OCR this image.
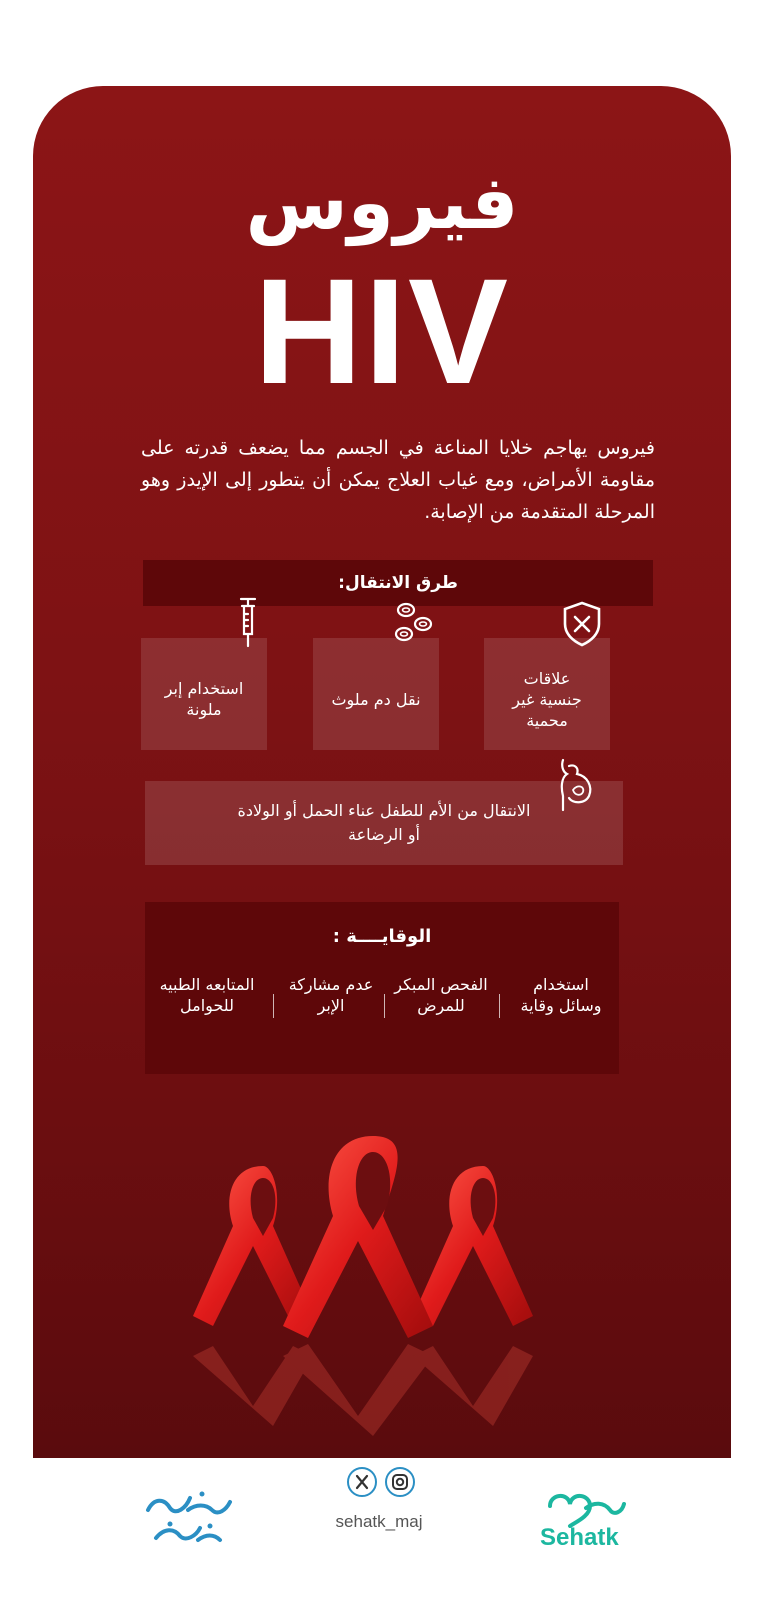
فيروس
HIV
فيروس يهاجم خلايا المناعة في الجسم مما يضعف قدرته على مقاومة الأمراض، ومع غياب العلاج يمكن أن يتطور إلى الإيدز وهو المرحلة المتقدمة من الإصابة.
طرق الانتقال:
علاقات جنسية غير محمية
نقل دم ملوث
استخدام إبر ملونة
الانتقال من الأم للطفل عناء الحمل أو الولادة أو الرضاعة
الوقايــــة :
استخدام وسائل وقاية
الفحص المبكر للمرض
عدم مشاركة الإبر
المتابعه الطبيه للحوامل
sehatk_maj
Sehatk
